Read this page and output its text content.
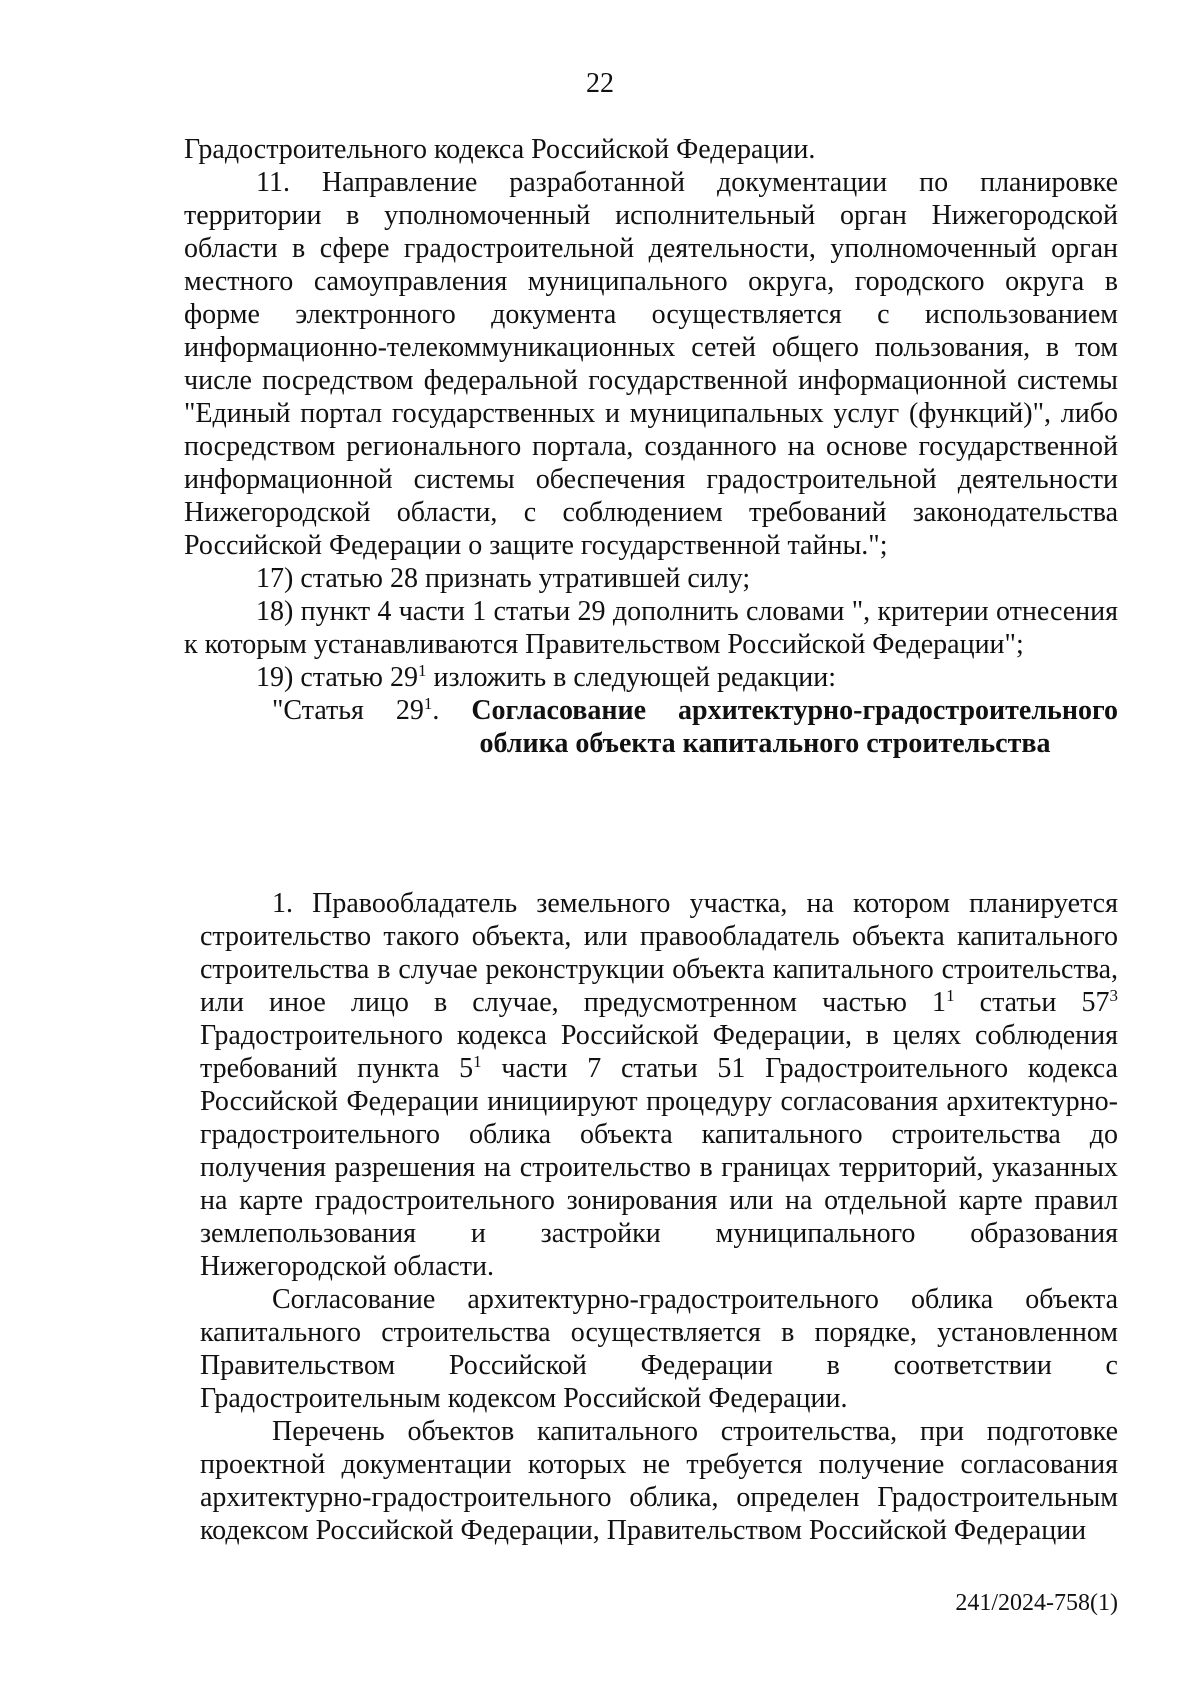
22

Градостроительного кодекса Российской Федерации.

11. Направление разработанной документации по планировке территории в уполномоченный исполнительный орган Нижегородской области в сфере градостроительной деятельности, уполномоченный орган местного самоуправления муниципального округа, городского округа в форме электронного документа осуществляется с использованием информационно-телекоммуникационных сетей общего пользования, в том числе посредством федеральной государственной информационной системы "Единый портал государственных и муниципальных услуг (функций)", либо посредством регионального портала, созданного на основе государственной информационной системы обеспечения градостроительной деятельности Нижегородской области, с соблюдением требований законодательства Российской Федерации о защите государственной тайны.";

17) статью 28 признать утратившей силу;

18) пункт 4 части 1 статьи 29 дополнить словами ", критерии отнесения к которым устанавливаются Правительством Российской Федерации";

19) статью $29^1$ изложить в следующей редакции:

"Статья $29^1$. Согласование архитектурно-градостроительного

облика объекта капитального строительства

1. Правообладатель земельного участка, на котором планируется строительство такого объекта, или правообладатель объекта капитального строительства в случае реконструкции объекта капитального строительства, или иное лицо в случае, предусмотренном частью $1^1$ статьи $57^3$ Градостроительного кодекса Российской Федерации, в целях соблюдения требований пункта $5^1$ части 7 статьи 51 Градостроительного кодекса Российской Федерации инициируют процедуру согласования архитектурно-градостроительного облика объекта капитального строительства до получения разрешения на строительство в границах территорий, указанных на карте градостроительного зонирования или на отдельной карте правил землепользования и застройки муниципального образования Нижегородской области.

Согласование архитектурно-градостроительного облика объекта капитального строительства осуществляется в порядке, установленном Правительством Российской Федерации в соответствии с Градостроительным кодексом Российской Федерации.

Перечень объектов капитального строительства, при подготовке проектной документации которых не требуется получение согласования архитектурно-градостроительного облика, определен Градостроительным кодексом Российской Федерации, Правительством Российской Федерации

241/2024-758(1)
